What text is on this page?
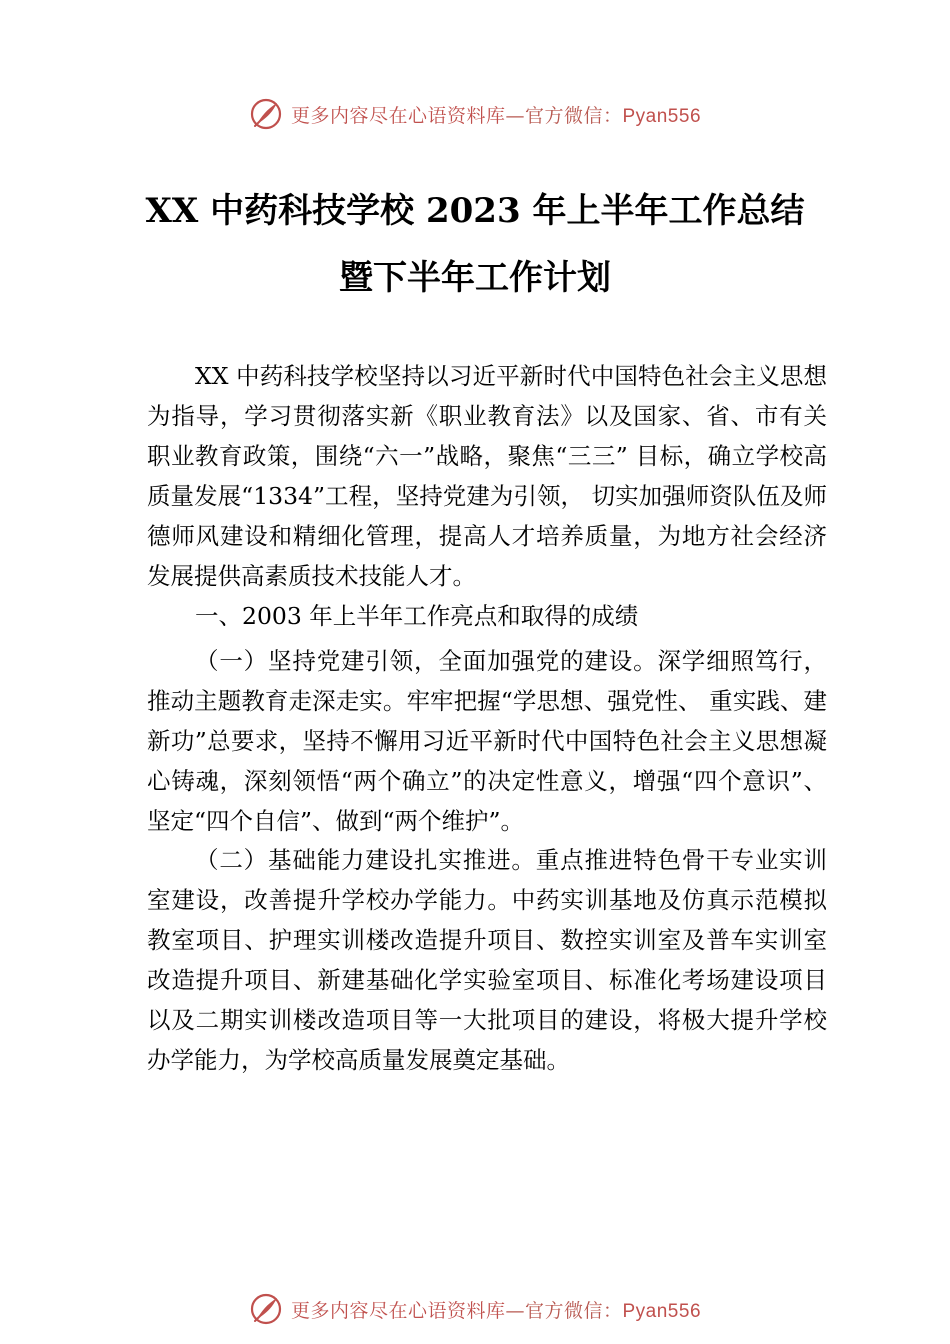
更多内容尽在心语资料库—官方微信：Pyan556
XX 中药科技学校 2023 年上半年工作总结
暨下半年工作计划

XX 中药科技学校坚持以习近平新时代中国特色社会主义思想为指导，学习贯彻落实新《职业教育法》以及国家、省、市有关职业教育政策，围绕“六一”战略，聚焦“三三” 目标，确立学校高质量发展“1334”工程，坚持党建为引领， 切实加强师资队伍及师德师风建设和精细化管理，提高人才培养质量，为地方社会经济发展提供高素质技术技能人才。

一、2003 年上半年工作亮点和取得的成绩

（一）坚持党建引领，全面加强党的建设。深学细照笃行，推动主题教育走深走实。牢牢把握“学思想、强党性、 重实践、建新功”总要求，坚持不懈用习近平新时代中国特色社会主义思想凝心铸魂，深刻领悟“两个确立”的决定性意义，增强“四个意识”、坚定“四个自信”、做到“两个维护”。

（二）基础能力建设扎实推进。重点推进特色骨干专业实训室建设，改善提升学校办学能力。中药实训基地及仿真示范模拟教室项目、护理实训楼改造提升项目、数控实训室及普车实训室改造提升项目、新建基础化学实验室项目、标准化考场建设项目以及二期实训楼改造项目等一大批项目的建设，将极大提升学校办学能力，为学校高质量发展奠定基础。

更多内容尽在心语资料库—官方微信：Pyan556
